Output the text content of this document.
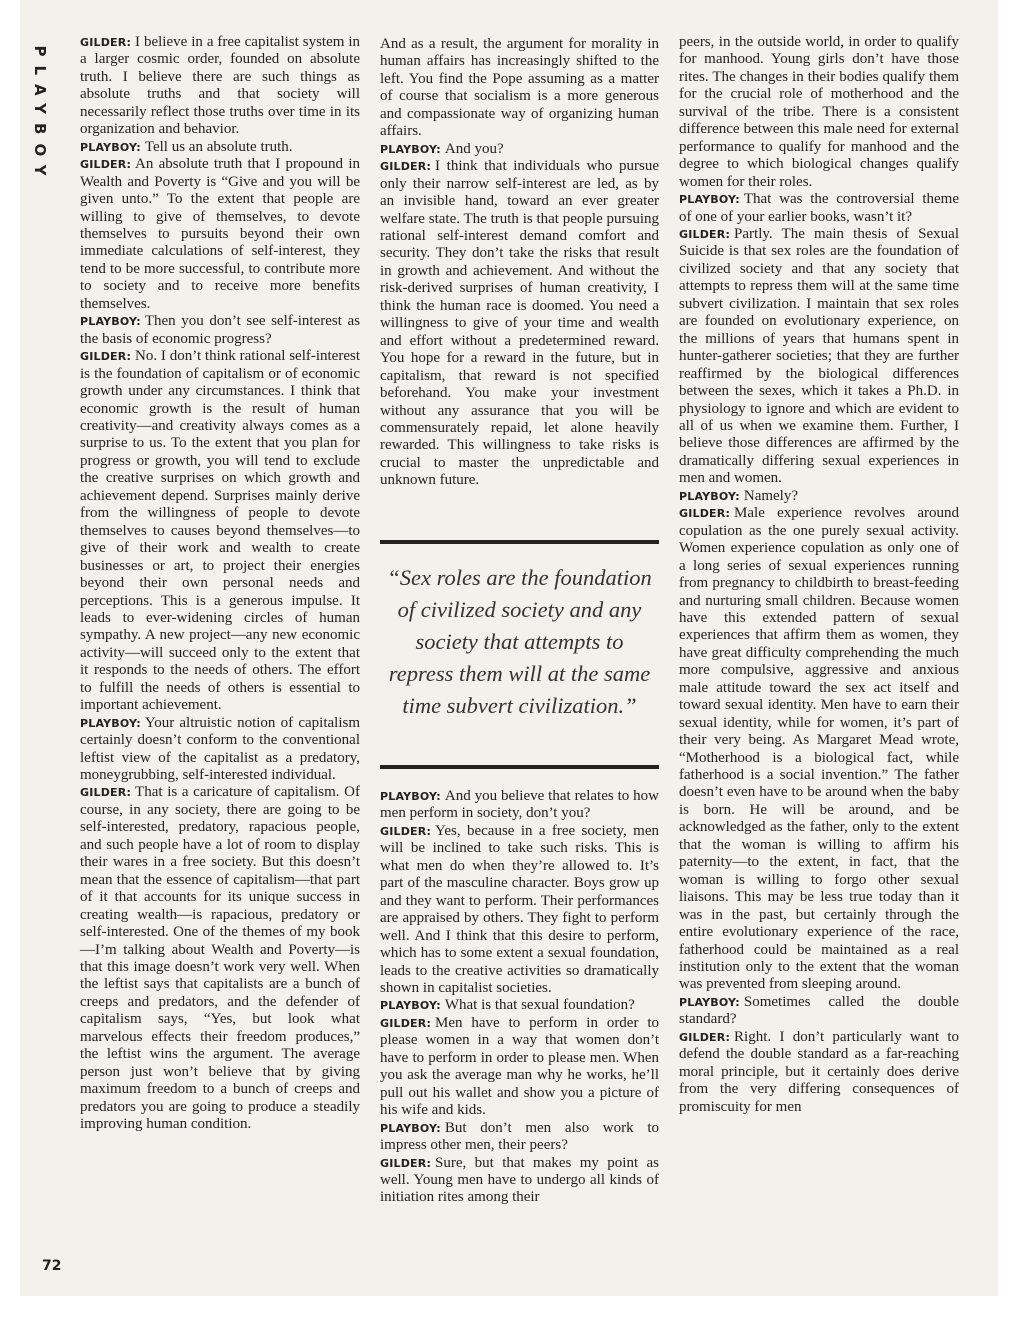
PLAYBOY

GILDER: I believe in a free capitalist system in a larger cosmic order, founded on absolute truth. I believe there are such things as absolute truths and that society will necessarily reflect those truths over time in its organization and behavior.

PLAYBOY: Tell us an absolute truth.

GILDER: An absolute truth that I propound in Wealth and Poverty is “Give and you will be given unto.” To the extent that people are willing to give of themselves, to devote themselves to pursuits beyond their own immediate calculations of self-interest, they tend to be more successful, to contribute more to society and to receive more benefits themselves.

PLAYBOY: Then you don’t see self-interest as the basis of economic progress?

GILDER: No. I don’t think rational self-interest is the foundation of capitalism or of economic growth under any circumstances. I think that economic growth is the result of human creativity—and creativity always comes as a surprise to us. To the extent that you plan for progress or growth, you will tend to exclude the creative surprises on which growth and achievement depend. Surprises mainly derive from the willingness of people to devote themselves to causes beyond themselves—to give of their work and wealth to create businesses or art, to project their energies beyond their own personal needs and perceptions. This is a generous impulse. It leads to ever-widening circles of human sympathy. A new project—any new economic activity—will succeed only to the extent that it responds to the needs of others. The effort to fulfill the needs of others is essential to important achievement.

PLAYBOY: Your altruistic notion of capitalism certainly doesn’t conform to the conventional leftist view of the capitalist as a predatory, moneygrubbing, self-interested individual.

GILDER: That is a caricature of capitalism. Of course, in any society, there are going to be self-interested, predatory, rapacious people, and such people have a lot of room to display their wares in a free society. But this doesn’t mean that the essence of capitalism—that part of it that accounts for its unique success in creating wealth—is rapacious, predatory or self-interested. One of the themes of my book—I’m talking about Wealth and Poverty—is that this image doesn’t work very well. When the leftist says that capitalists are a bunch of creeps and predators, and the defender of capitalism says, “Yes, but look what marvelous effects their freedom produces,” the leftist wins the argument. The average person just won’t believe that by giving maximum freedom to a bunch of creeps and predators you are going to produce a steadily improving human condition.

And as a result, the argument for morality in human affairs has increasingly shifted to the left. You find the Pope assuming as a matter of course that socialism is a more generous and compassionate way of organizing human affairs.

PLAYBOY: And you?

GILDER: I think that individuals who pursue only their narrow self-interest are led, as by an invisible hand, toward an ever greater welfare state. The truth is that people pursuing rational self-interest demand comfort and security. They don’t take the risks that result in growth and achievement. And without the risk-derived surprises of human creativity, I think the human race is doomed. You need a willingness to give of your time and wealth and effort without a predetermined reward. You hope for a reward in the future, but in capitalism, that reward is not specified beforehand. You make your investment without any assurance that you will be commensurately repaid, let alone heavily rewarded. This willingness to take risks is crucial to master the unpredictable and unknown future.

“Sex roles are the foundation of civilized society and any society that attempts to repress them will at the same time subvert civilization.”

PLAYBOY: And you believe that relates to how men perform in society, don’t you?

GILDER: Yes, because in a free society, men will be inclined to take such risks. This is what men do when they’re allowed to. It’s part of the masculine character. Boys grow up and they want to perform. Their performances are appraised by others. They fight to perform well. And I think that this desire to perform, which has to some extent a sexual foundation, leads to the creative activities so dramatically shown in capitalist societies.

PLAYBOY: What is that sexual foundation?

GILDER: Men have to perform in order to please women in a way that women don’t have to perform in order to please men. When you ask the average man why he works, he’ll pull out his wallet and show you a picture of his wife and kids.

PLAYBOY: But don’t men also work to impress other men, their peers?

GILDER: Sure, but that makes my point as well. Young men have to undergo all kinds of initiation rites among their

peers, in the outside world, in order to qualify for manhood. Young girls don’t have those rites. The changes in their bodies qualify them for the crucial role of motherhood and the survival of the tribe. There is a consistent difference between this male need for external performance to qualify for manhood and the degree to which biological changes qualify women for their roles.

PLAYBOY: That was the controversial theme of one of your earlier books, wasn’t it?

GILDER: Partly. The main thesis of Sexual Suicide is that sex roles are the foundation of civilized society and that any society that attempts to repress them will at the same time subvert civilization. I maintain that sex roles are founded on evolutionary experience, on the millions of years that humans spent in hunter-gatherer societies; that they are further reaffirmed by the biological differences between the sexes, which it takes a Ph.D. in physiology to ignore and which are evident to all of us when we examine them. Further, I believe those differences are affirmed by the dramatically differing sexual experiences in men and women.

PLAYBOY: Namely?

GILDER: Male experience revolves around copulation as the one purely sexual activity. Women experience copulation as only one of a long series of sexual experiences running from pregnancy to childbirth to breast-feeding and nurturing small children. Because women have this extended pattern of sexual experiences that affirm them as women, they have great difficulty comprehending the much more compulsive, aggressive and anxious male attitude toward the sex act itself and toward sexual identity. Men have to earn their sexual identity, while for women, it’s part of their very being. As Margaret Mead wrote, “Motherhood is a biological fact, while fatherhood is a social invention.” The father doesn’t even have to be around when the baby is born. He will be around, and be acknowledged as the father, only to the extent that the woman is willing to affirm his paternity—to the extent, in fact, that the woman is willing to forgo other sexual liaisons. This may be less true today than it was in the past, but certainly through the entire evolutionary experience of the race, fatherhood could be maintained as a real institution only to the extent that the woman was prevented from sleeping around.

PLAYBOY: Sometimes called the double standard?

GILDER: Right. I don’t particularly want to defend the double standard as a far-reaching moral principle, but it certainly does derive from the very differing consequences of promiscuity for men

72
